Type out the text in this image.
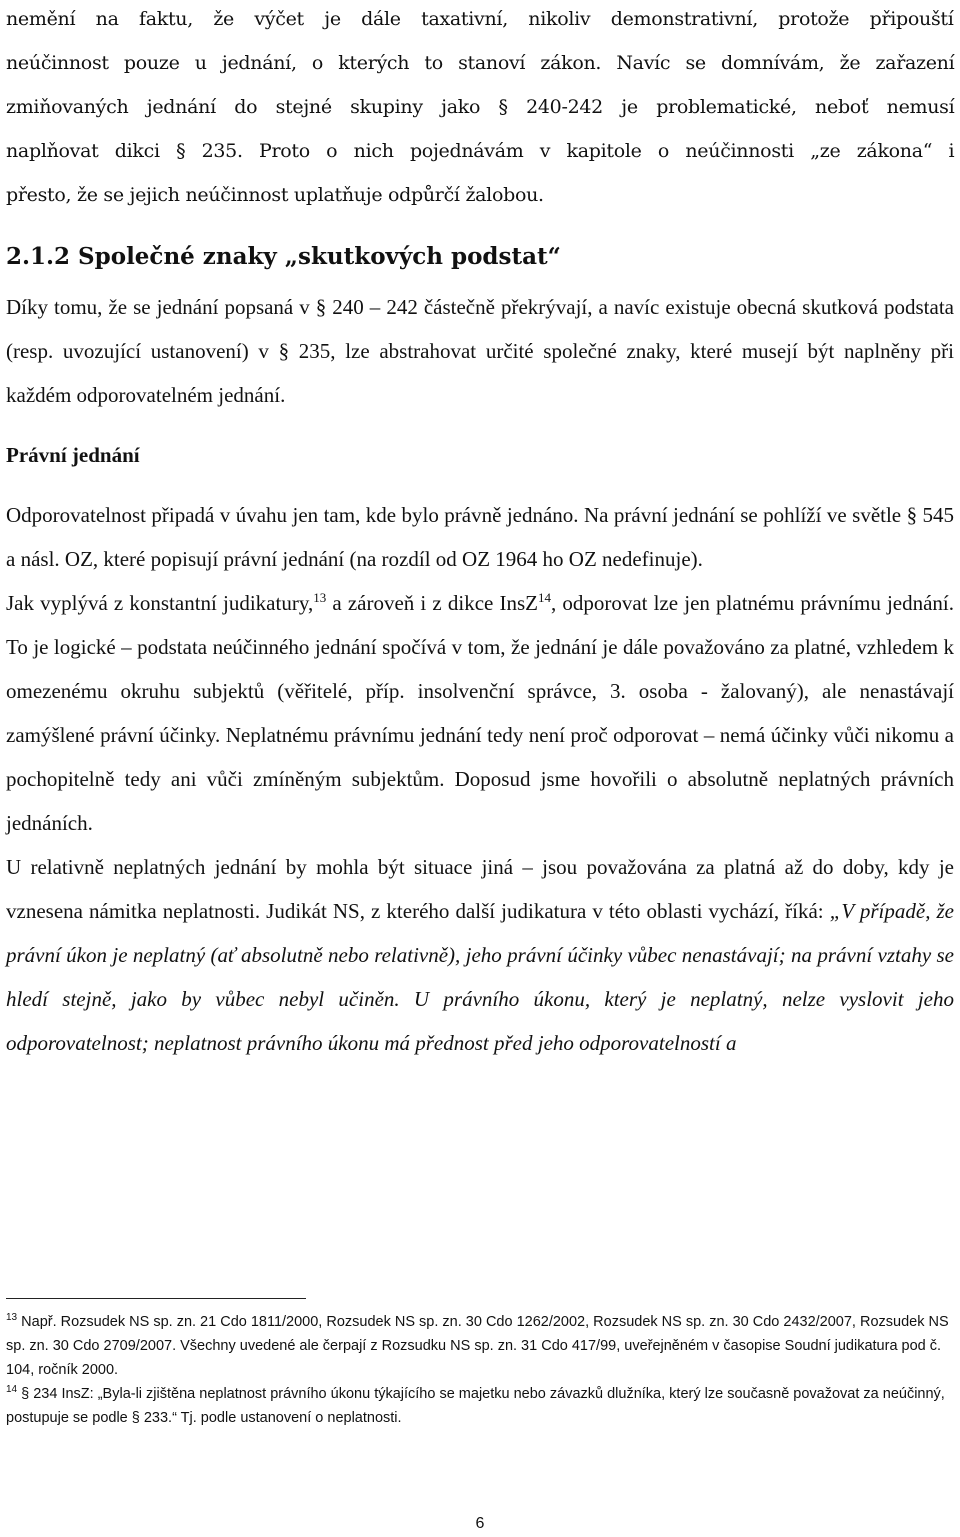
nemění na faktu, že výčet je dále taxativní, nikoliv demonstrativní, protože připouští
neúčinnost pouze u jednání, o kterých to stanoví zákon. Navíc se domnívám, že zařazení
zmiňovaných jednání do stejné skupiny jako § 240-242 je problematické, neboť nemusí
naplňovat dikci § 235. Proto o nich pojednávám v kapitole o neúčinnosti „ze zákona“ i
přesto, že se jejich neúčinnost uplatňuje odpůrčí žalobou.
2.1.2 Společné znaky „skutkových podstat“

Díky tomu, že se jednání popsaná v § 240 – 242 částečně překrývají, a navíc existuje obecná skutková podstata (resp. uvozující ustanovení) v § 235, lze abstrahovat určité společné znaky, které musejí být naplněny při každém odporovatelném jednání.

Právní jednání

Odporovatelnost připadá v úvahu jen tam, kde bylo právně jednáno. Na právní jednání se pohlíží ve světle § 545 a násl. OZ, které popisují právní jednání (na rozdíl od OZ 1964 ho OZ nedefinuje).

Jak vyplývá z konstantní judikatury,$^{13}$ a zároveň i z dikce InsZ$^{14}$, odporovat lze jen platnému právnímu jednání. To je logické – podstata neúčinného jednání spočívá v tom, že jednání je dále považováno za platné, vzhledem k omezenému okruhu subjektů (věřitelé, příp. insolvenční správce, 3. osoba - žalovaný), ale nenastávají zamýšlené právní účinky. Neplatnému právnímu jednání tedy není proč odporovat – nemá účinky vůči nikomu a pochopitelně tedy ani vůči zmíněným subjektům. Doposud jsme hovořili o absolutně neplatných právních jednáních.

U relativně neplatných jednání by mohla být situace jiná – jsou považována za platná až do doby, kdy je vznesena námitka neplatnosti. Judikát NS, z kterého další judikatura v této oblasti vychází, říká: „V případě, že právní úkon je neplatný (ať absolutně nebo relativně), jeho právní účinky vůbec nenastávají; na právní vztahy se hledí stejně, jako by vůbec nebyl učiněn. U právního úkonu, který je neplatný, nelze vyslovit jeho odporovatelnost; neplatnost právního úkonu má přednost před jeho odporovatelností a

$^{13}$ Např. Rozsudek NS sp. zn. 21 Cdo 1811/2000, Rozsudek NS sp. zn. 30 Cdo 1262/2002, Rozsudek NS sp. zn. 30 Cdo 2432/2007, Rozsudek NS sp. zn. 30 Cdo 2709/2007. Všechny uvedené ale čerpají z Rozsudku NS sp. zn. 31 Cdo 417/99, uveřejněném v časopise Soudní judikatura pod č. 104, ročník 2000.

$^{14}$ § 234 InsZ: „Byla-li zjištěna neplatnost právního úkonu týkajícího se majetku nebo závazků dlužníka, který lze současně považovat za neúčinný, postupuje se podle § 233.“ Tj. podle ustanovení o neplatnosti.

6
